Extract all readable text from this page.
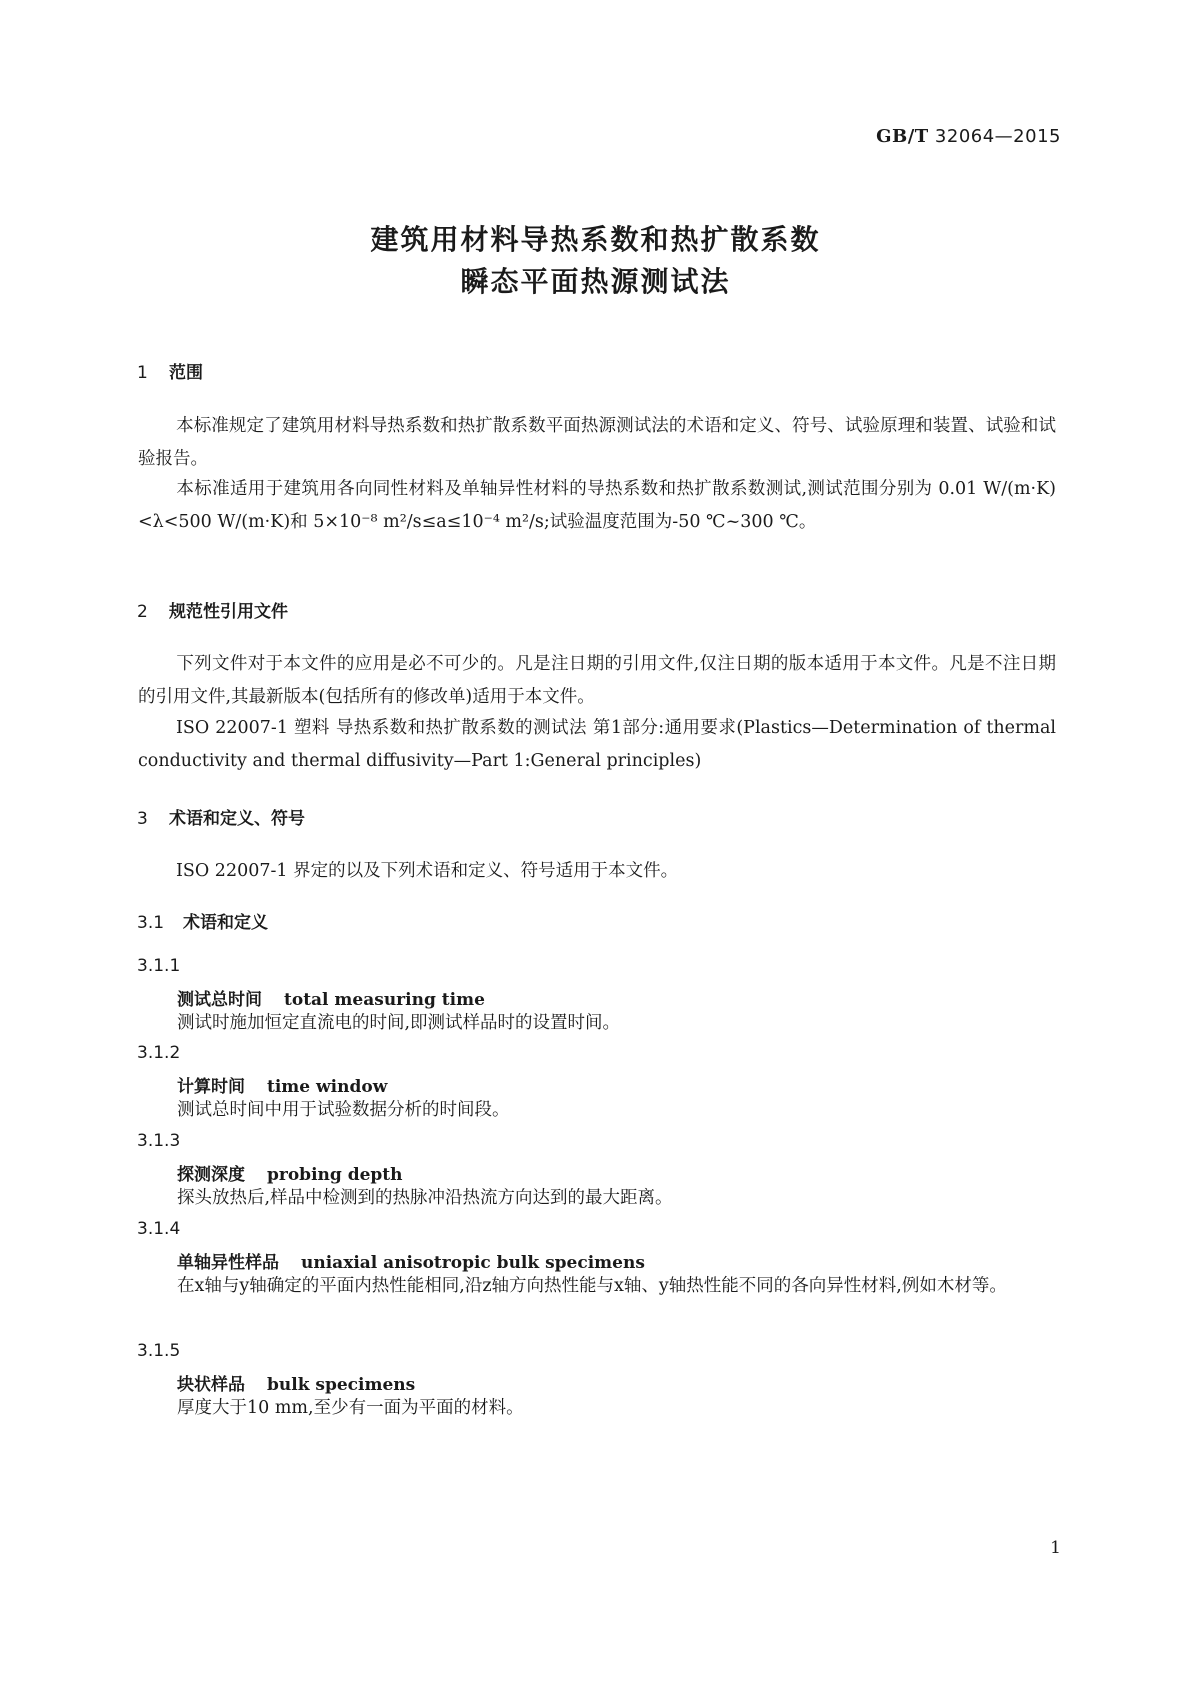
GB/T 32064—2015
建筑用材料导热系数和热扩散系数
瞬态平面热源测试法
1 范围
本标准规定了建筑用材料导热系数和热扩散系数平面热源测试法的术语和定义、符号、试验原理和装置、试验和试验报告。
本标准适用于建筑用各向同性材料及单轴异性材料的导热系数和热扩散系数测试,测试范围分别为 0.01 W/(m·K)<λ<500 W/(m·K)和 5×10⁻⁸ m²/s≤a≤10⁻⁴ m²/s;试验温度范围为-50 ℃~300 ℃。
2 规范性引用文件
下列文件对于本文件的应用是必不可少的。凡是注日期的引用文件,仅注日期的版本适用于本文件。凡是不注日期的引用文件,其最新版本(包括所有的修改单)适用于本文件。
ISO 22007-1 塑料 导热系数和热扩散系数的测试法 第1部分:通用要求(Plastics—Determination of thermal conductivity and thermal diffusivity—Part 1:General principles)
3 术语和定义、符号
ISO 22007-1 界定的以及下列术语和定义、符号适用于本文件。
3.1 术语和定义
3.1.1
测试总时间 total measuring time
测试时施加恒定直流电的时间,即测试样品时的设置时间。
3.1.2
计算时间 time window
测试总时间中用于试验数据分析的时间段。
3.1.3
探测深度 probing depth
探头放热后,样品中检测到的热脉冲沿热流方向达到的最大距离。
3.1.4
单轴异性样品 uniaxial anisotropic bulk specimens
在x轴与y轴确定的平面内热性能相同,沿z轴方向热性能与x轴、y轴热性能不同的各向异性材料,例如木材等。
3.1.5
块状样品 bulk specimens
厚度大于10 mm,至少有一面为平面的材料。
1
